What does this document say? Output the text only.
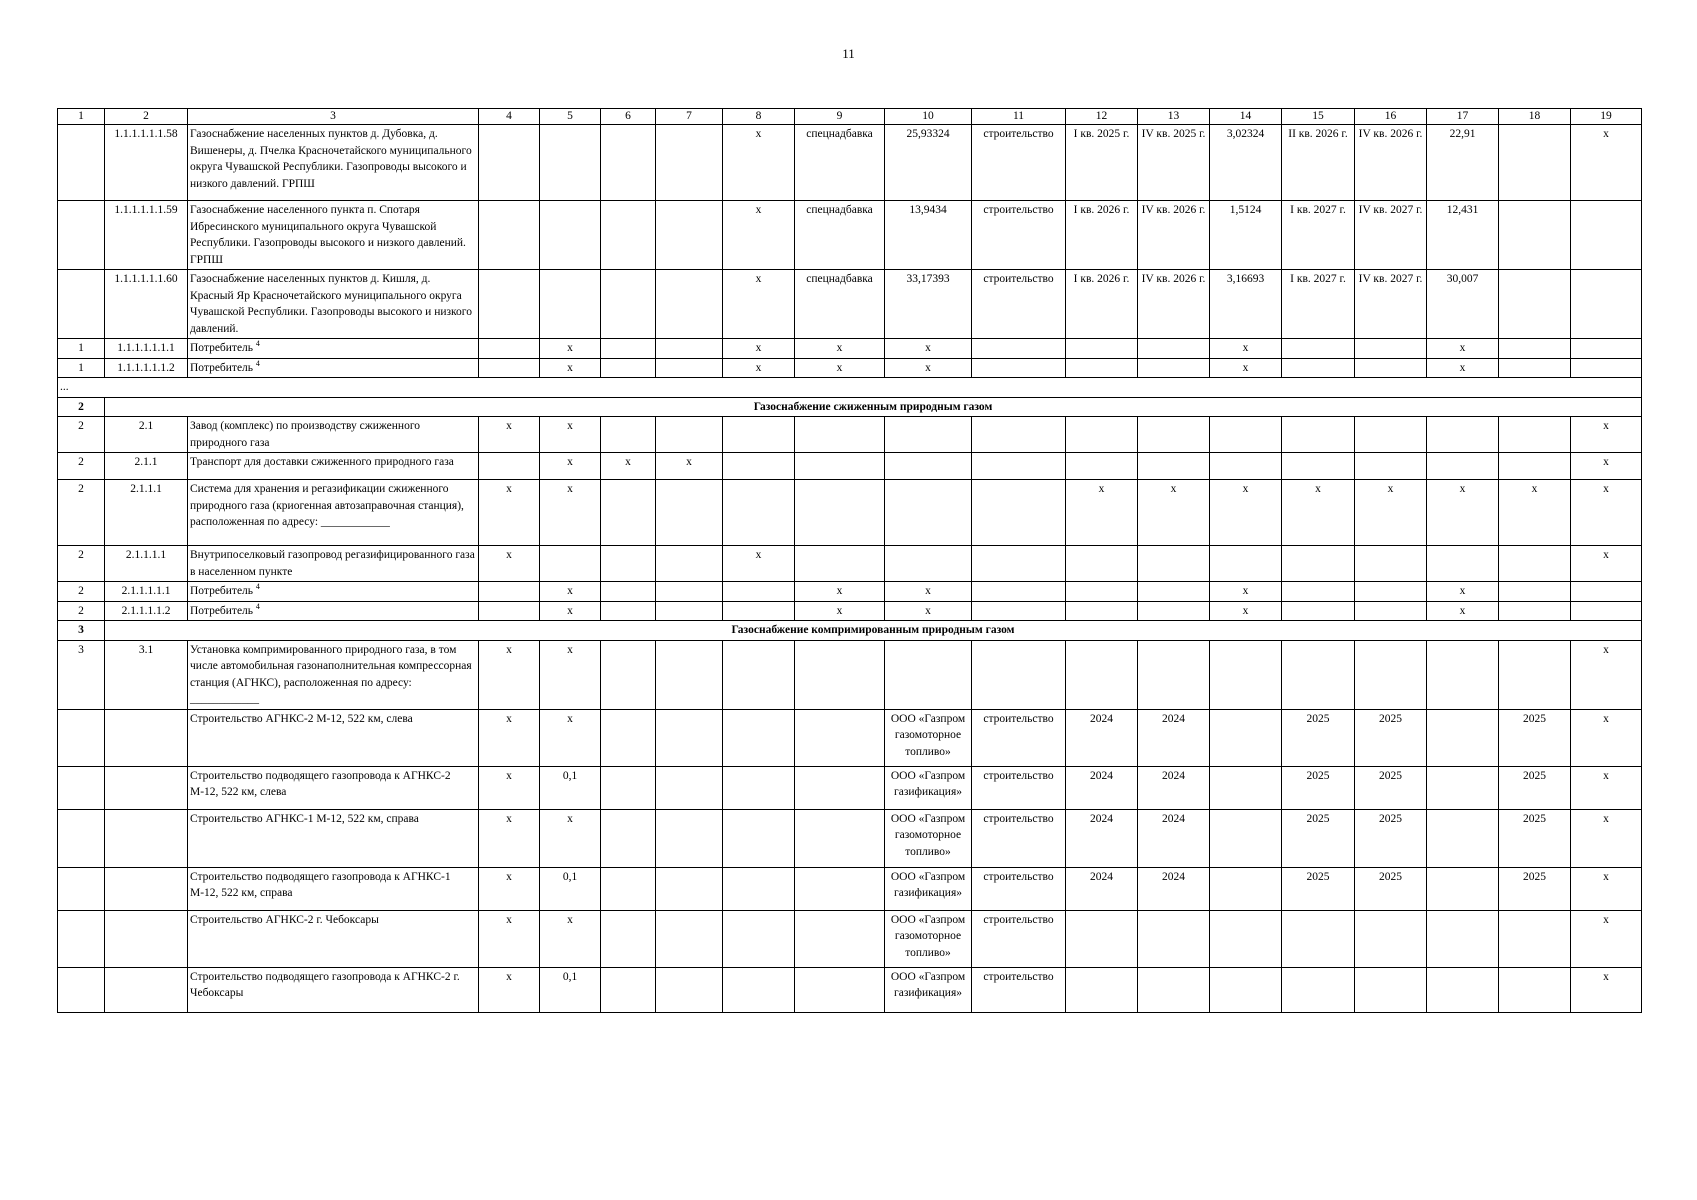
11
1	2	3	4	5	6	7	8	9	10	11	12	13	14	15	16	17	18	19
	1.1.1.1.1.1.58	Газоснабжение населенных пунктов д. Дубовка, д. Вишенеры, д. Пчелка Красночетайского муниципального округа Чувашской Республики. Газопроводы высокого и низкого давлений. ГРПШ					x	спецнадбавка	25,93324	строительство	I кв. 2025 г.	IV кв. 2025 г.	3,02324	II кв. 2026 г.	IV кв. 2026 г.	22,91		x
	1.1.1.1.1.1.59	Газоснабжение населенного пункта п. Спотаря Ибресинского муниципального округа Чувашской Республики. Газопроводы высокого и низкого давлений. ГРПШ					x	спецнадбавка	13,9434	строительство	I кв. 2026 г.	IV кв. 2026 г.	1,5124	I кв. 2027 г.	IV кв. 2027 г.	12,431		
	1.1.1.1.1.1.60	Газоснабжение населенных пунктов д. Кишля, д. Красный Яр Красночетайского муниципального округа Чувашской Республики. Газопроводы высокого и низкого давлений.					x	спецнадбавка	33,17393	строительство	I кв. 2026 г.	IV кв. 2026 г.	3,16693	I кв. 2027 г.	IV кв. 2027 г.	30,007		
1	1.1.1.1.1.1.1	Потребитель $^4$		x			x	x	x				x			x		
1	1.1.1.1.1.1.2	Потребитель $^4$		x			x	x	x				x			x		
...																		
2	Газоснабжение сжиженным природным газом																	
2	2.1	Завод (комплекс) по производству сжиженного природного газа	x	x														x
2	2.1.1	Транспорт для доставки сжиженного природного газа		x	x	x												x
2	2.1.1.1	Система для хранения и регазификации сжиженного природного газа (криогенная автозаправочная станция), расположенная по адресу: ____________	x	x							x	x	x	x	x	x	x	x
2	2.1.1.1.1	Внутрипоселковый газопровод регазифицированного газа в населенном пункте	x				x											x
2	2.1.1.1.1.1	Потребитель $^4$		x				x	x				x			x		
2	2.1.1.1.1.2	Потребитель $^4$		x				x	x				x			x		
3	Газоснабжение компримированным природным газом																	
3	3.1	Установка компримированного природного газа, в том числе автомобильная газонаполнительная компрессорная станция (АГНКС), расположенная по адресу: ____________	x	x														x
		Строительство АГНКС-2 М-12, 522 км, слева	x	x					ООО «Газпром газомоторное топливо»	строительство	2024	2024		2025	2025		2025	x
		Строительство подводящего газопровода к АГНКС-2 М-12, 522 км, слева	x	0,1					ООО «Газпром газификация»	строительство	2024	2024		2025	2025		2025	x
		Строительство АГНКС-1 М-12, 522 км, справа	x	x					ООО «Газпром газомоторное топливо»	строительство	2024	2024		2025	2025		2025	x
		Строительство подводящего газопровода к АГНКС-1 М-12, 522 км, справа	x	0,1					ООО «Газпром газификация»	строительство	2024	2024		2025	2025		2025	x
		Строительство АГНКС-2 г. Чебоксары	x	x					ООО «Газпром газомоторное топливо»	строительство								x
		Строительство подводящего газопровода к АГНКС-2 г. Чебоксары	x	0,1					ООО «Газпром газификация»	строительство								x
